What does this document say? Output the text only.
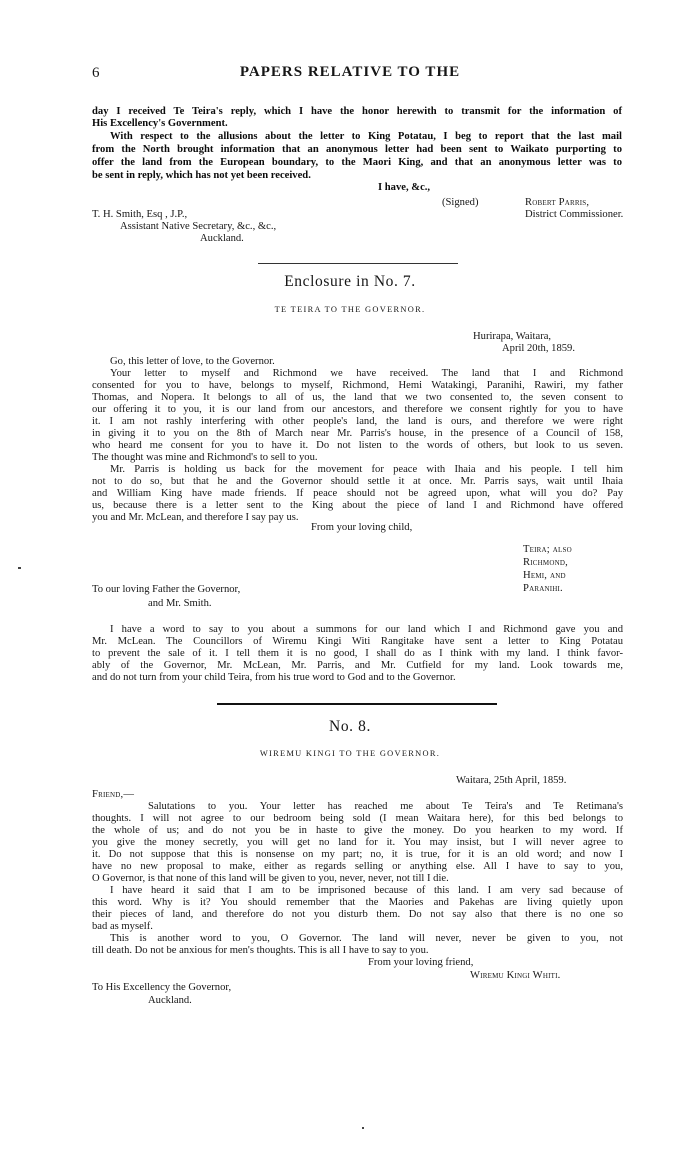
6	PAPERS RELATIVE TO THE
day I received Te Teira's reply, which I have the honor herewith to transmit for the information of
His Excellency's Government.
With respect to the allusions about the letter to King Potatau, I beg to report that the last mail
from the North brought information that an anonymous letter had been sent to Waikato purporting to
offer the land from the European boundary, to the Maori King, and that an anonymous letter was to
be sent in reply, which has not yet been received.
I have, &c.,
(Signed)	Robert Parris,
District Commissioner.
T. H. Smith, Esq , J.P.,
Assistant Native Secretary, &c., &c.,
Auckland.
Enclosure in No. 7.
TE TEIRA TO THE GOVERNOR.
Hurirapa, Waitara,
April 20th, 1859.
Go, this letter of love, to the Governor.
Your letter to myself and Richmond we have received. The land that I and Richmond
consented for you to have, belongs to myself, Richmond, Hemi Watakingi, Paranihi, Rawiri, my father
Thomas, and Nopera. It belongs to all of us, the land that we two consented to, the seven consent to
our offering it to you, it is our land from our ancestors, and therefore we consent rightly for you to have
it. I am not rashly interfering with other people's land, the land is ours, and therefore we were right
in giving it to you on the 8th of March near Mr. Parris's house, in the presence of a Council of 158,
who heard me consent for you to have it. Do not listen to the words of others, but look to us seven.
The thought was mine and Richmond's to sell to you.
Mr. Parris is holding us back for the movement for peace with Ihaia and his people. I tell him
not to do so, but that he and the Governor should settle it at once. Mr. Parris says, wait until Ihaia
and William King have made friends. If peace should not be agreed upon, what will you do? Pay
us, because there is a letter sent to the King about the piece of land I and Richmond have offered
you and Mr. McLean, and therefore I say pay us.
From your loving child,
Teira; also
Richmond,
Hemi, and
Paranihi.
To our loving Father the Governor,
and Mr. Smith.
I have a word to say to you about a summons for our land which I and Richmond gave you and
Mr. McLean. The Councillors of Wiremu Kingi Witi Rangitake have sent a letter to King Potatau
to prevent the sale of it. I tell them it is no good, I shall do as I think with my land. I think favor-
ably of the Governor, Mr. McLean, Mr. Parris, and Mr. Cutfield for my land. Look towards me,
and do not turn from your child Teira, from his true word to God and to the Governor.
No. 8.
WIREMU KINGI TO THE GOVERNOR.
Waitara, 25th April, 1859.
Friend,—
Salutations to you. Your letter has reached me about Te Teira's and Te Retimana's
thoughts. I will not agree to our bedroom being sold (I mean Waitara here), for this bed belongs to
the whole of us; and do not you be in haste to give the money. Do you hearken to my word. If
you give the money secretly, you will get no land for it. You may insist, but I will never agree to
it. Do not suppose that this is nonsense on my part; no, it is true, for it is an old word; and now I
have no new proposal to make, either as regards selling or anything else. All I have to say to you,
O Governor, is that none of this land will be given to you, never, never, not till I die.
I have heard it said that I am to be imprisoned because of this land. I am very sad because of
this word. Why is it? You should remember that the Maories and Pakehas are living quietly upon
their pieces of land, and therefore do not you disturb them. Do not say also that there is no one so
bad as myself.
This is another word to you, O Governor. The land will never, never be given to you, not
till death. Do not be anxious for men's thoughts. This is all I have to say to you.
From your loving friend,
Wiremu Kingi Whiti.
To His Excellency the Governor,
Auckland.
